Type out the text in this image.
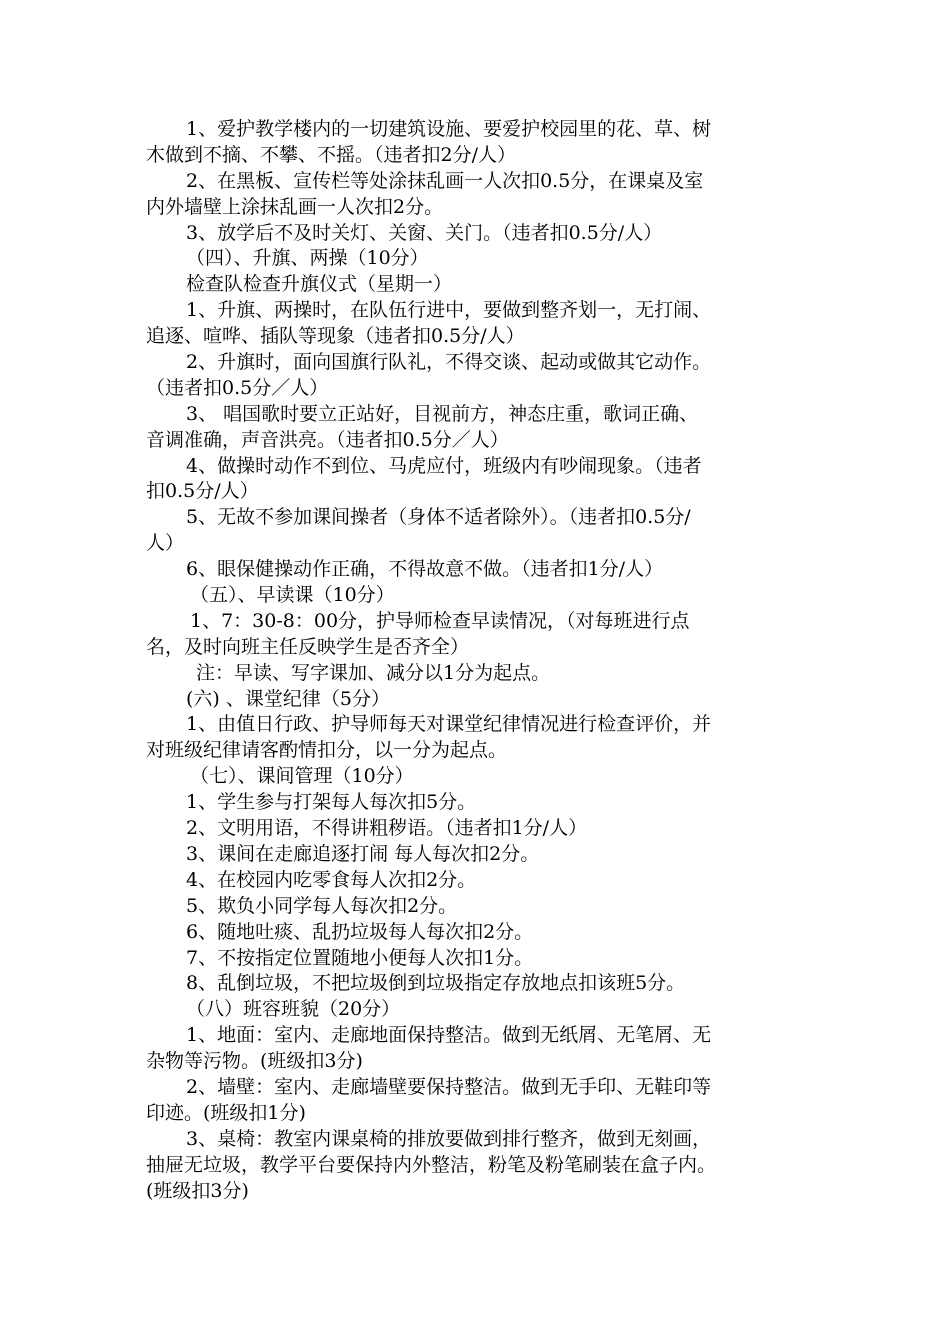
1、爱护教学楼内的一切建筑设施、要爱护校园里的花、草、树

木做到不摘、不攀、不摇。（违者扣2分/人）

2、在黑板、宣传栏等处涂抹乱画一人次扣0.5分，在课桌及室

内外墙壁上涂抹乱画一人次扣2分。

3、放学后不及时关灯、关窗、关门。（违者扣0.5分/人）

（四）、升旗、两操（10分）

检查队检查升旗仪式（星期一）

1、升旗、两操时，在队伍行进中，要做到整齐划一，无打闹、

追逐、喧哗、插队等现象（违者扣0.5分/人）

2、升旗时，面向国旗行队礼，不得交谈、起动或做其它动作。

（违者扣0.5分／人）

3、 唱国歌时要立正站好，目视前方，神态庄重，歌词正确、

音调准确，声音洪亮。（违者扣0.5分／人）

4、做操时动作不到位、马虎应付，班级内有吵闹现象。（违者

扣0.5分/人）

5、无故不参加课间操者（身体不适者除外）。（违者扣0.5分/

人）

6、眼保健操动作正确，不得故意不做。（违者扣1分/人）

（五）、早读课（10分）

1、7：30-8：00分，护导师检查早读情况，（对每班进行点

名，及时向班主任反映学生是否齐全）

注：早读、写字课加、减分以1分为起点。

(六) 、课堂纪律（5分）

1、由值日行政、护导师每天对课堂纪律情况进行检查评价，并

对班级纪律请客酌情扣分，以一分为起点。

（七）、课间管理（10分）

1、学生参与打架每人每次扣5分。

2、文明用语，不得讲粗秽语。（违者扣1分/人）

3、课间在走廊追逐打闹 每人每次扣2分。

4、在校园内吃零食每人次扣2分。

5、欺负小同学每人每次扣2分。

6、随地吐痰、乱扔垃圾每人每次扣2分。

7、不按指定位置随地小便每人次扣1分。

8、乱倒垃圾，不把垃圾倒到垃圾指定存放地点扣该班5分。

（八）班容班貌（20分）

1、地面：室内、走廊地面保持整洁。做到无纸屑、无笔屑、无

杂物等污物。(班级扣3分)

2、墙壁：室内、走廊墙壁要保持整洁。做到无手印、无鞋印等

印迹。(班级扣1分)

3、桌椅：教室内课桌椅的排放要做到排行整齐，做到无刻画，

抽屉无垃圾，教学平台要保持内外整洁，粉笔及粉笔刷装在盒子内。

(班级扣3分)
